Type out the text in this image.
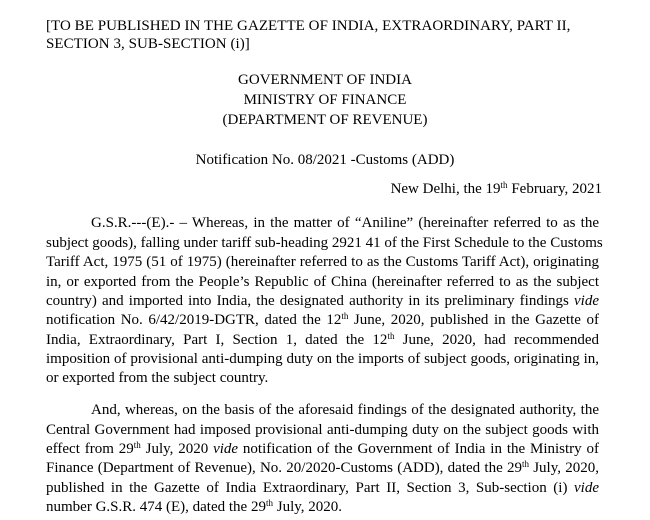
[TO BE PUBLISHED IN THE GAZETTE OF INDIA, EXTRAORDINARY, PART II,
SECTION 3, SUB-SECTION (i)]
GOVERNMENT OF INDIA
MINISTRY OF FINANCE
(DEPARTMENT OF REVENUE)
Notification No. 08/2021 -Customs (ADD)
New Delhi, the 19th February, 2021
G.S.R.---(E).- – Whereas, in the matter of “Aniline” (hereinafter referred to as the
subject goods), falling under tariff sub-heading 2921 41 of the First Schedule to the Customs
Tariff Act, 1975 (51 of 1975) (hereinafter referred to as the Customs Tariff Act), originating
in, or exported from the People’s Republic of China (hereinafter referred to as the subject
country) and imported into India, the designated authority in its preliminary findings vide
notification No. 6/42/2019-DGTR, dated the 12th June, 2020, published in the Gazette of
India, Extraordinary, Part I, Section 1, dated the 12th June, 2020, had recommended
imposition of provisional anti-dumping duty on the imports of subject goods, originating in,
or exported from the subject country.
And, whereas, on the basis of the aforesaid findings of the designated authority, the
Central Government had imposed provisional anti-dumping duty on the subject goods with
effect from 29th July, 2020 vide notification of the Government of India in the Ministry of
Finance (Department of Revenue), No. 20/2020-Customs (ADD), dated the 29th July, 2020,
published in the Gazette of India Extraordinary, Part II, Section 3, Sub-section (i) vide
number G.S.R. 474 (E), dated the 29th July, 2020.
